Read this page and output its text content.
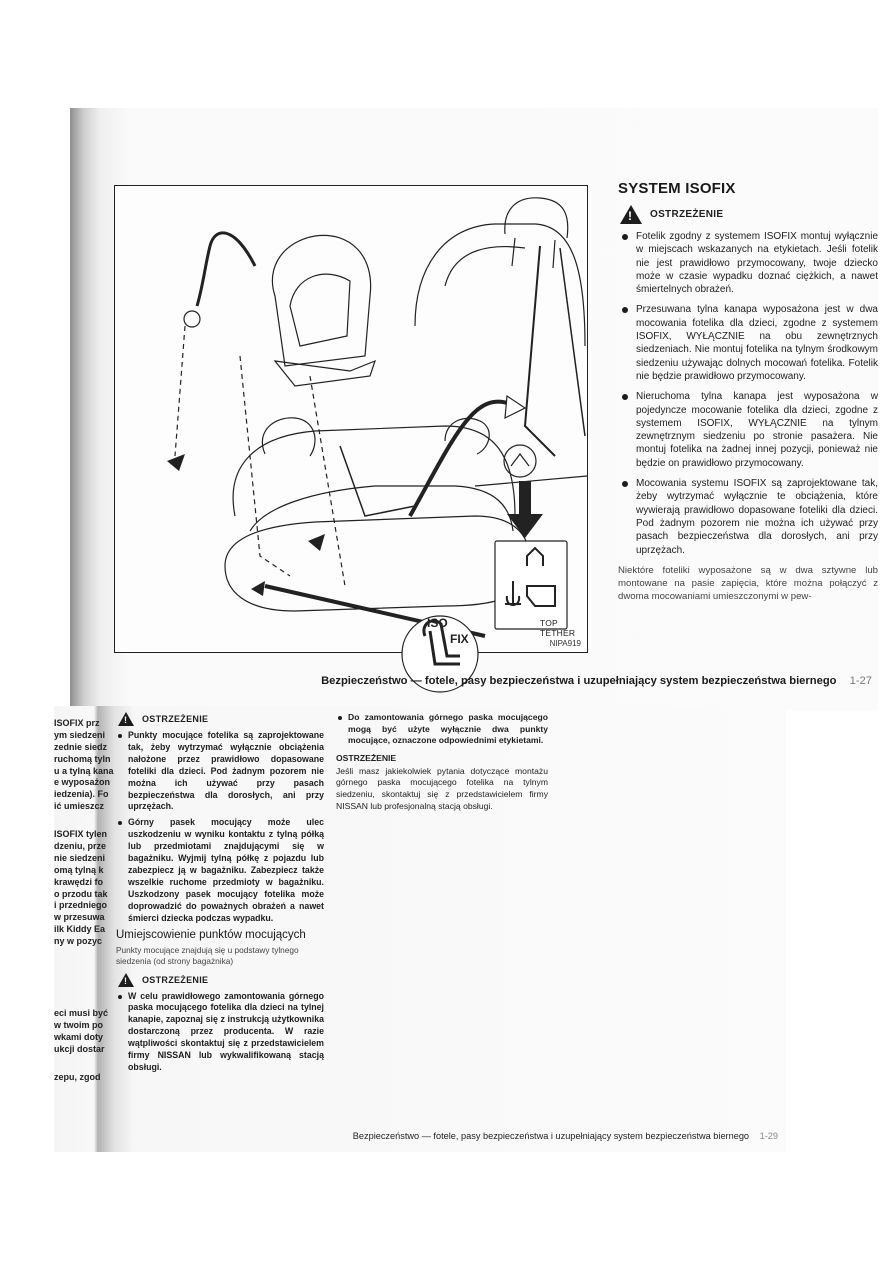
TOP TETHER
ISO
FIX	NIPA919
SYSTEM ISOFIX
!
OSTRZEŻENIE
Fotelik zgodny z systemem ISOFIX montuj wyłącznie w miejscach wskazanych na etykietach. Jeśli fotelik nie jest prawidłowo przymocowany, twoje dziecko może w czasie wypadku doznać ciężkich, a nawet śmiertelnych obrażeń.
Przesuwana tylna kanapa wyposażona jest w dwa mocowania fotelika dla dzieci, zgodne z systemem ISOFIX, WYŁĄCZNIE na obu zewnętrznych siedzeniach. Nie montuj fotelika na tylnym środkowym siedzeniu używając dolnych mocowań fotelika. Fotelik nie będzie prawidłowo przymocowany.
Nieruchoma tylna kanapa jest wyposażona w pojedyncze mocowanie fotelika dla dzieci, zgodne z systemem ISOFIX, WYŁĄCZNIE na tylnym zewnętrznym siedzeniu po stronie pasażera. Nie montuj fotelika na żadnej innej pozycji, ponieważ nie będzie on prawidłowo przymocowany.
Mocowania systemu ISOFIX są zaprojektowane tak, żeby wytrzymać wyłącznie te obciążenia, które wywierają prawidłowo dopasowane foteliki dla dzieci. Pod żadnym pozorem nie można ich używać przy pasach bezpieczeństwa dla dorosłych, ani przy uprzężach.
Niektóre foteliki wyposażone są w dwa sztywne lub montowane na pasie zapięcia, które można połączyć z dwoma mocowaniami umieszczonymi w pew-
Bezpieczeństwo — fotele, pasy bezpieczeństwa i uzupełniający system bezpieczeństwa biernego 1-27
ISOFIX prz
ym siedzeni
zednie siedz
ruchomą tyln
u a tylną kana
e wyposażon
iedzenia). Fo
ić umieszcz
ISOFIX tylen
dzeniu, prze
nie siedzeni
omą tylną k
krawędzi fo
o przodu tak
i przedniego
w przesuwa
ilk Kiddy Ea
ny w pozyc
eci musi być
w twoim po
wkami doty
ukcji dostar
zepu, zgod
!
OSTRZEŻENIE
Punkty mocujące fotelika są zaprojektowane tak, żeby wytrzymać wyłącznie obciążenia nałożone przez prawidłowo dopasowane foteliki dla dzieci. Pod żadnym pozorem nie można ich używać przy pasach bezpieczeństwa dla dorosłych, ani przy uprzężach.
Górny pasek mocujący może ulec uszkodzeniu w wyniku kontaktu z tylną półką lub przedmiotami znajdującymi się w bagażniku. Wyjmij tylną półkę z pojazdu lub zabezpiecz ją w bagażniku. Zabezpiecz także wszelkie ruchome przedmioty w bagażniku. Uszkodzony pasek mocujący fotelika może doprowadzić do poważnych obrażeń a nawet śmierci dziecka podczas wypadku.
Umiejscowienie punktów mocujących
Punkty mocujące znajdują się u podstawy tylnego siedzenia (od strony bagażnika)
!
OSTRZEŻENIE
W celu prawidłowego zamontowania górnego paska mocującego fotelika dla dzieci na tylnej kanapie, zapoznaj się z instrukcją użytkownika dostarczoną przez producenta. W razie wątpliwości skontaktuj się z przedstawicielem firmy NISSAN lub wykwalifikowaną stacją obsługi.
Do zamontowania górnego paska mocującego mogą być użyte wyłącznie dwa punkty mocujące, oznaczone odpowiednimi etykietami.
OSTRZEŻENIE
Jeśli masz jakiekolwiek pytania dotyczące montażu górnego paska mocującego fotelika na tylnym siedzeniu, skontaktuj się z przedstawicielem firmy NISSAN lub profesjonalną stacją obsługi.
Bezpieczeństwo — fotele, pasy bezpieczeństwa i uzupełniający system bezpieczeństwa biernego 1-29
